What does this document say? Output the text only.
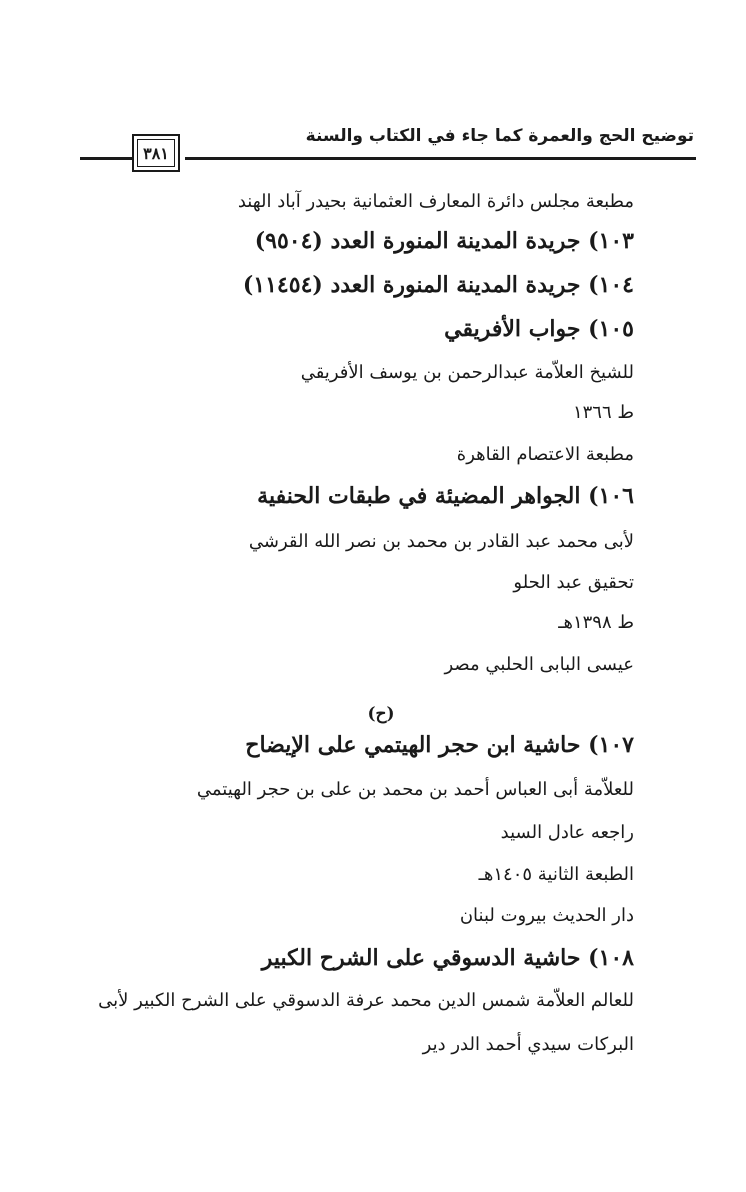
توضيح الحج والعمرة كما جاء في الكتاب والسنة
٣٨١
مطبعة مجلس دائرة المعارف العثمانية بحيدر آباد الهند
١٠٣) جريدة المدينة المنورة العدد (٩٥٠٤)
١٠٤) جريدة المدينة المنورة العدد (١١٤٥٤)
١٠٥) جواب الأفريقي
للشيخ العلاّمة عبدالرحمن بن يوسف الأفريقي
ط ١٣٦٦
مطبعة الاعتصام القاهرة
١٠٦) الجواهر المضيئة في طبقات الحنفية
لأبى محمد عبد القادر بن محمد بن نصر الله القرشي
تحقيق عبد الحلو
ط ١٣٩٨هـ
عيسى البابى الحلبي مصر
(ح)
١٠٧) حاشية ابن حجر الهيتمي على الإيضاح
للعلاّمة أبى العباس أحمد بن محمد بن على بن حجر الهيتمي
راجعه عادل السيد
الطبعة الثانية ١٤٠٥هـ
دار الحديث بيروت لبنان
١٠٨) حاشية الدسوقي على الشرح الكبير
للعالم العلاّمة شمس الدين محمد عرفة الدسوقي على الشرح الكبير لأبى
البركات سيدي أحمد الدر دير
